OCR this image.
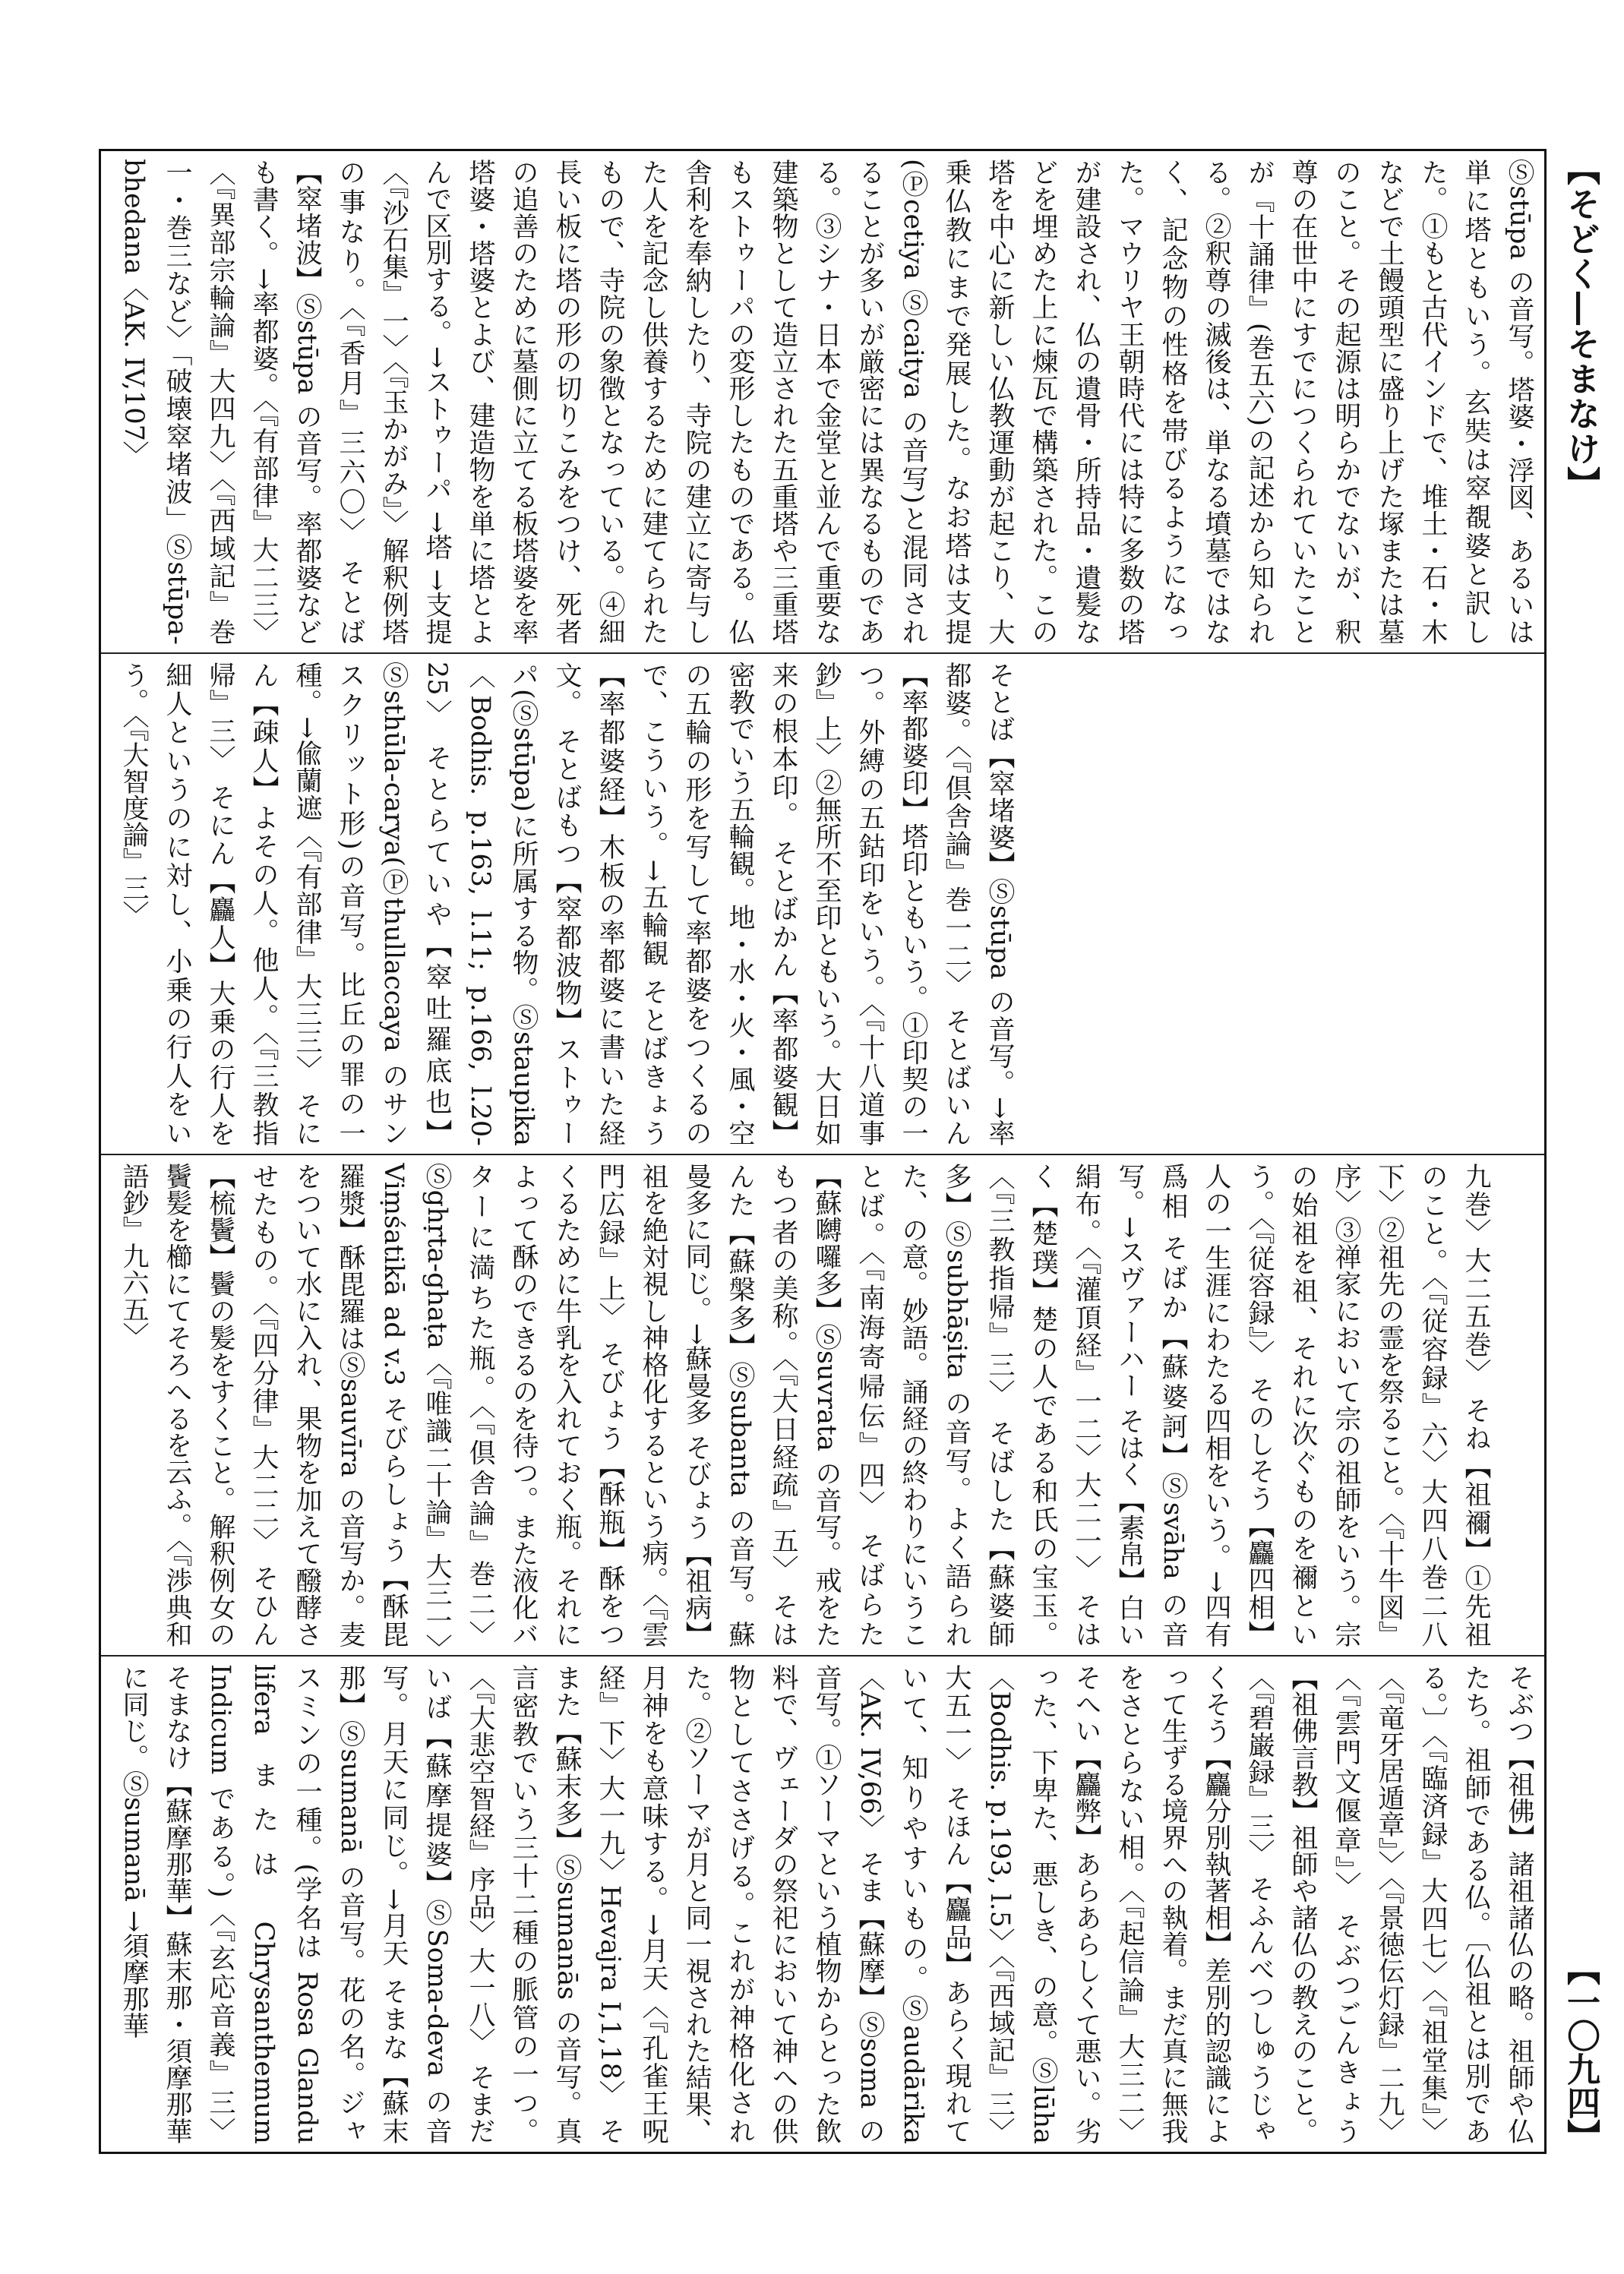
【そどく―そまなけ】

Ⓢstūpa の音写。塔婆・浮図、あるいは単に塔ともいう。玄奘は窣覩婆と訳した。①もと古代インドで、堆土・石・木などで土饅頭型に盛り上げた塚または墓のこと。その起源は明らかでないが、釈尊の在世中にすでにつくられていたことが『十誦律』(巻五六)の記述から知られる。②釈尊の滅後は、単なる墳墓ではなく、記念物の性格を帯びるようになった。マウリヤ王朝時代には特に多数の塔が建設され、仏の遺骨・所持品・遺髪などを埋めた上に煉瓦で構築された。この塔を中心に新しい仏教運動が起こり、大乗仏教にまで発展した。なお塔は支提(Ⓟcetiya Ⓢcaitya の音写)と混同されることが多いが厳密には異なるものである。③シナ・日本で金堂と並んで重要な建築物として造立された五重塔や三重塔もストゥーパの変形したものである。仏舎利を奉納したり、寺院の建立に寄与した人を記念し供養するために建てられたもので、寺院の象徴となっている。④細長い板に塔の形の切りこみをつけ、死者の追善のために墓側に立てる板塔婆を率塔婆・塔婆とよび、建造物を単に塔とよんで区別する。→ストゥーパ →塔 →支提 〈『沙石集』一〉〈『玉かがみ』〉解釈例塔の事なり。〈『香月』三六〇〉

そとば【窣堵波】Ⓢstūpa の音写。率都婆なども書く。→率都婆。〈『有部律』大二三〉〈『異部宗輪論』大四九〉〈『西域記』巻一・巻三など〉「破壊窣堵波」Ⓢstūpa-bhedana〈AK. IV,107〉

そとば【窣堵婆】Ⓢstūpa の音写。→率都婆。〈『倶舎論』巻一二〉

そとばいん【率都婆印】塔印ともいう。①印契の一つ。外縛の五鈷印をいう。〈『十八道事鈔』上〉②無所不至印ともいう。大日如来の根本印。

そとばかん【率都婆観】密教でいう五輪観。地・水・火・風・空の五輪の形を写して率都婆をつくるので、こういう。→五輪観

そとばきょう【率都婆経】木板の率都婆に書いた経文。

そとばもつ【窣都波物】ストゥーパ(Ⓢstūpa)に所属する物。Ⓢstaupika〈Bodhis. p.163, l.11; p.166, l.20-25〉

そとらていや【窣吐羅底也】Ⓢsthūla-carya(Ⓟthullaccaya のサンスクリット形)の音写。比丘の罪の一種。→偸蘭遮〈『有部律』大三三〉

そにん【疎人】よその人。他人。〈『三教指帰』三〉

そにん【麤人】大乗の行人を細人というのに対し、小乗の行人をいう。〈『大智度論』三〉

九巻〉大二五巻〉

そね【祖禰】①先祖のこと。〈『従容録』六〉大四八巻二八下〉②祖先の霊を祭ること。〈『十牛図』序〉③禅家において宗の祖師をいう。宗の始祖を祖、それに次ぐものを禰という。〈『従容録』〉

そのしそう【麤四相】人の一生涯にわたる四相をいう。→四有爲相

そばか【蘇婆訶】Ⓢsvāha の音写。→スヴァーハー

そはく【素帛】白い絹布。〈『灌頂経』一二〉大二一〉

そはく【楚璞】楚の人である和氏の宝玉。〈『三教指帰』三〉

そばした【蘇婆師多】Ⓢsubhāṣita の音写。よく語られた、の意。妙語。誦経の終わりにいうことば。〈『南海寄帰伝』四〉

そばらた【蘇嚩囉多】Ⓢsuvrata の音写。戒をたもつ者の美称。〈『大日経疏』五〉

そはんた【蘇槃多】Ⓢsubanta の音写。蘇曼多に同じ。→蘇曼多

そびょう【祖病】祖を絶対視し神格化するという病。〈『雲門広録』上〉

そびょう【酥瓶】酥をつくるために牛乳を入れておく瓶。それによって酥のできるのを待つ。また液化バターに満ちた瓶。〈『倶舎論』巻二〉Ⓢghṛta-ghaṭa〈『唯識二十論』大三一〉Viṃśatikā ad v.3

そびらしょう【酥毘羅漿】酥毘羅はⓈsauvīra の音写か。麦をついて水に入れ、果物を加えて醱酵させたもの。〈『四分律』大二二〉

そひん【梳鬢】鬢の髪をすくこと。解釈例女の鬢髪を櫛にてそろへるを云ふ。〈『渉典和語鈔』九六五〉

そぶつ【祖佛】諸祖諸仏の略。祖師や仏たち。祖師である仏。〔仏祖とは別である。〕〈『臨済録』大四七〉〈『祖堂集』〉〈『竜牙居遁章』〉〈『景徳伝灯録』二九〉〈『雲門文偃章』〉

そぶつごんきょう【祖佛言教】祖師や諸仏の教えのこと。〈『碧巌録』三〉

そふんべつしゅうじゃくそう【麤分別執著相】差別的認識によって生ずる境界への執着。まだ真に無我をさとらない相。〈『起信論』大三二〉

そへい【麤弊】あらあらしくて悪い。劣った、下卑た、悪しき、の意。Ⓢlūha〈Bodhis. p.193, l.5〉〈『西域記』三〉大五一〉

そほん【麤品】あらく現れていて、知りやすいもの。Ⓢaudārika〈AK. IV,66〉

そま【蘇摩】Ⓢsoma の音写。①ソーマという植物からとった飲料で、ヴェーダの祭祀において神への供物としてささげる。これが神格化された。②ソーマが月と同一視された結果、月神をも意味する。→月天〈『孔雀王呪経』下〉大一九〉Hevajra I,1,18〉

そまた【蘇末多】Ⓢsumanās の音写。真言密教でいう三十二種の脈管の一つ。〈『大悲空智経』序品〉大一八〉

そまだいば【蘇摩提婆】ⓈSoma-deva の音写。月天に同じ。→月天

そまな【蘇末那】Ⓢsumanā の音写。花の名。ジャスミンの一種。(学名は Rosa Glandu lifera または Chrysanthemum Indicum である。)〈『玄応音義』三〉

そまなけ【蘇摩那華】蘇末那・須摩那華に同じ。Ⓢsumanā →須摩那華

【一〇九四】
